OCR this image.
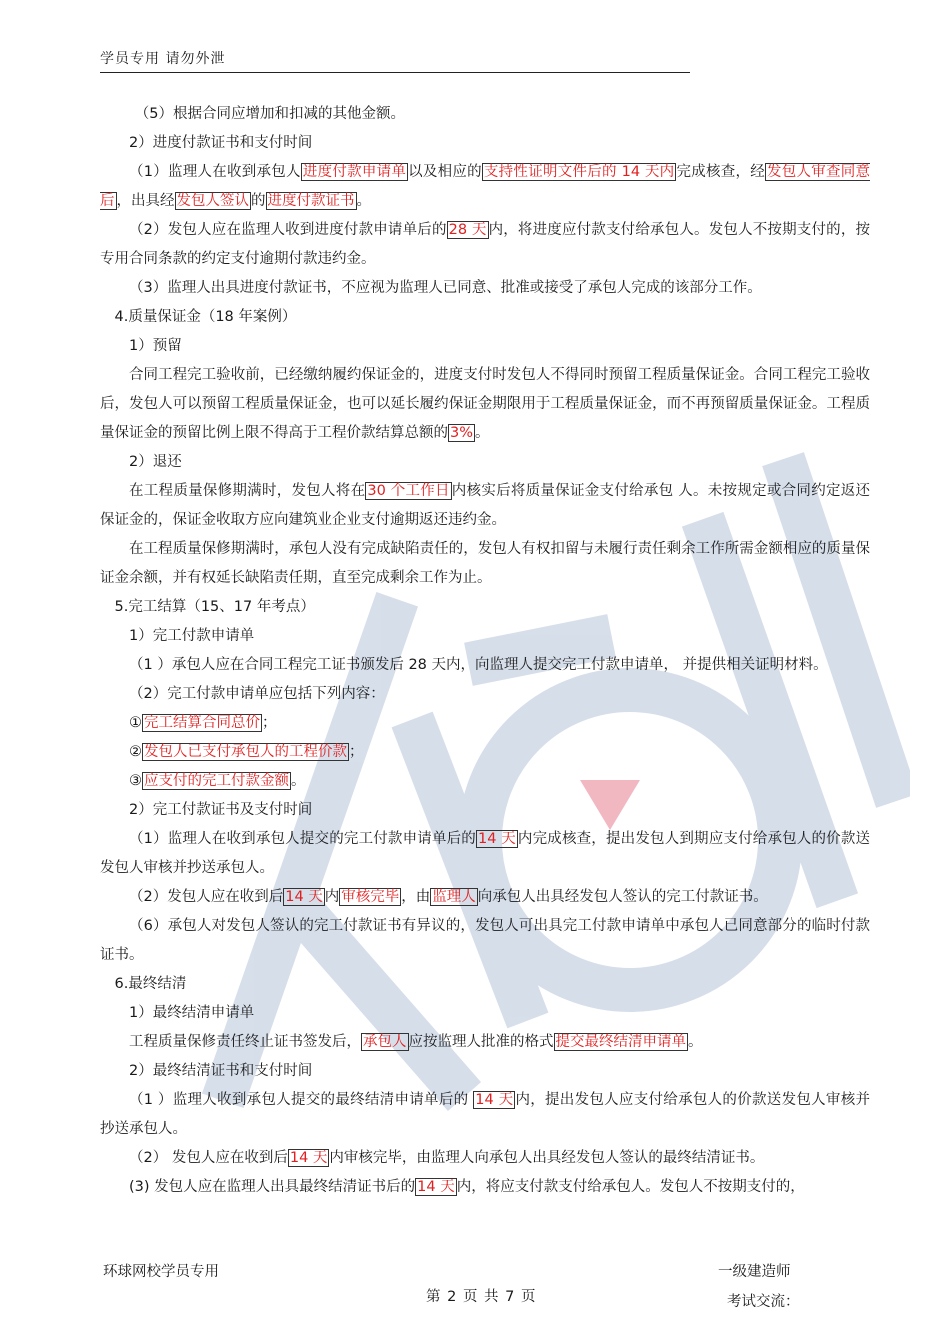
学员专用 请勿外泄

（5）根据合同应增加和扣减的其他金额。

2）进度付款证书和支付时间

（1）监理人在收到承包人 进度付款申请单 以及相应的 支持性证明文件后的 14 天内 完成核查，经 发包人审查同意后 ，出具经 发包人签认 的 进度付款证书 。

（2）发包人应在监理人收到进度付款申请单后的 28 天 内，将进度应付款支付给承包人。发包人不按期支付的，按专用合同条款的约定支付逾期付款违约金。

（3）监理人出具进度付款证书，不应视为监理人已同意、批准或接受了承包人完成的该部分工作。

4.质量保证金（18 年案例）

1）预留

合同工程完工验收前，已经缴纳履约保证金的，进度支付时发包人不得同时预留工程质量保证金。合同工程完工验收后，发包人可以预留工程质量保证金，也可以延长履约保证金期限用于工程质量保证金，而不再预留质量保证金。工程质量保证金的预留比例上限不得高于工程价款结算总额的 3% 。

2）退还

在工程质量保修期满时，发包人将在 30 个工作日 内核实后将质量保证金支付给承包 人。未按规定或合同约定返还保证金的，保证金收取方应向建筑业企业支付逾期返还违约金。

在工程质量保修期满时，承包人没有完成缺陷责任的，发包人有权扣留与未履行责任剩余工作所需金额相应的质量保证金余额，并有权延长缺陷责任期，直至完成剩余工作为止。

5.完工结算（15、17 年考点）

1）完工付款申请单

（1 ）承包人应在合同工程完工证书颁发后 28 天内，向监理人提交完工付款申请单， 并提供相关证明材料。

（2）完工付款申请单应包括下列内容：

① 完工结算合同总价 ；

② 发包人已支付承包人的工程价款 ；

③ 应支付的完工付款金额 。

2）完工付款证书及支付时间

（1）监理人在收到承包人提交的完工付款申请单后的 14 天 内完成核查，提出发包人到期应支付给承包人的价款送发包人审核并抄送承包人。

（2）发包人应在收到后 14 天 内 审核完毕 ，由 监理人 向承包人出具经发包人签认的完工付款证书。

（6）承包人对发包人签认的完工付款证书有异议的，发包人可出具完工付款申请单中承包人已同意部分的临时付款证书。

6.最终结清

1）最终结清申请单

工程质量保修责任终止证书签发后， 承包人 应按监理人批准的格式 提交最终结清申请单 。

2）最终结清证书和支付时间

（1 ）监理人收到承包人提交的最终结清申请单后的 14 天 内，提出发包人应支付给承包人的价款送发包人审核并抄送承包人。

（2） 发包人应在收到后 14 天 内审核完毕，由监理人向承包人出具经发包人签认的最终结清证书。

(3) 发包人应在监理人出具最终结清证书后的 14 天 内，将应支付款支付给承包人。发包人不按期支付的，

环球网校学员专用	一级建造师
第 2 页 共 7 页	考试交流：
